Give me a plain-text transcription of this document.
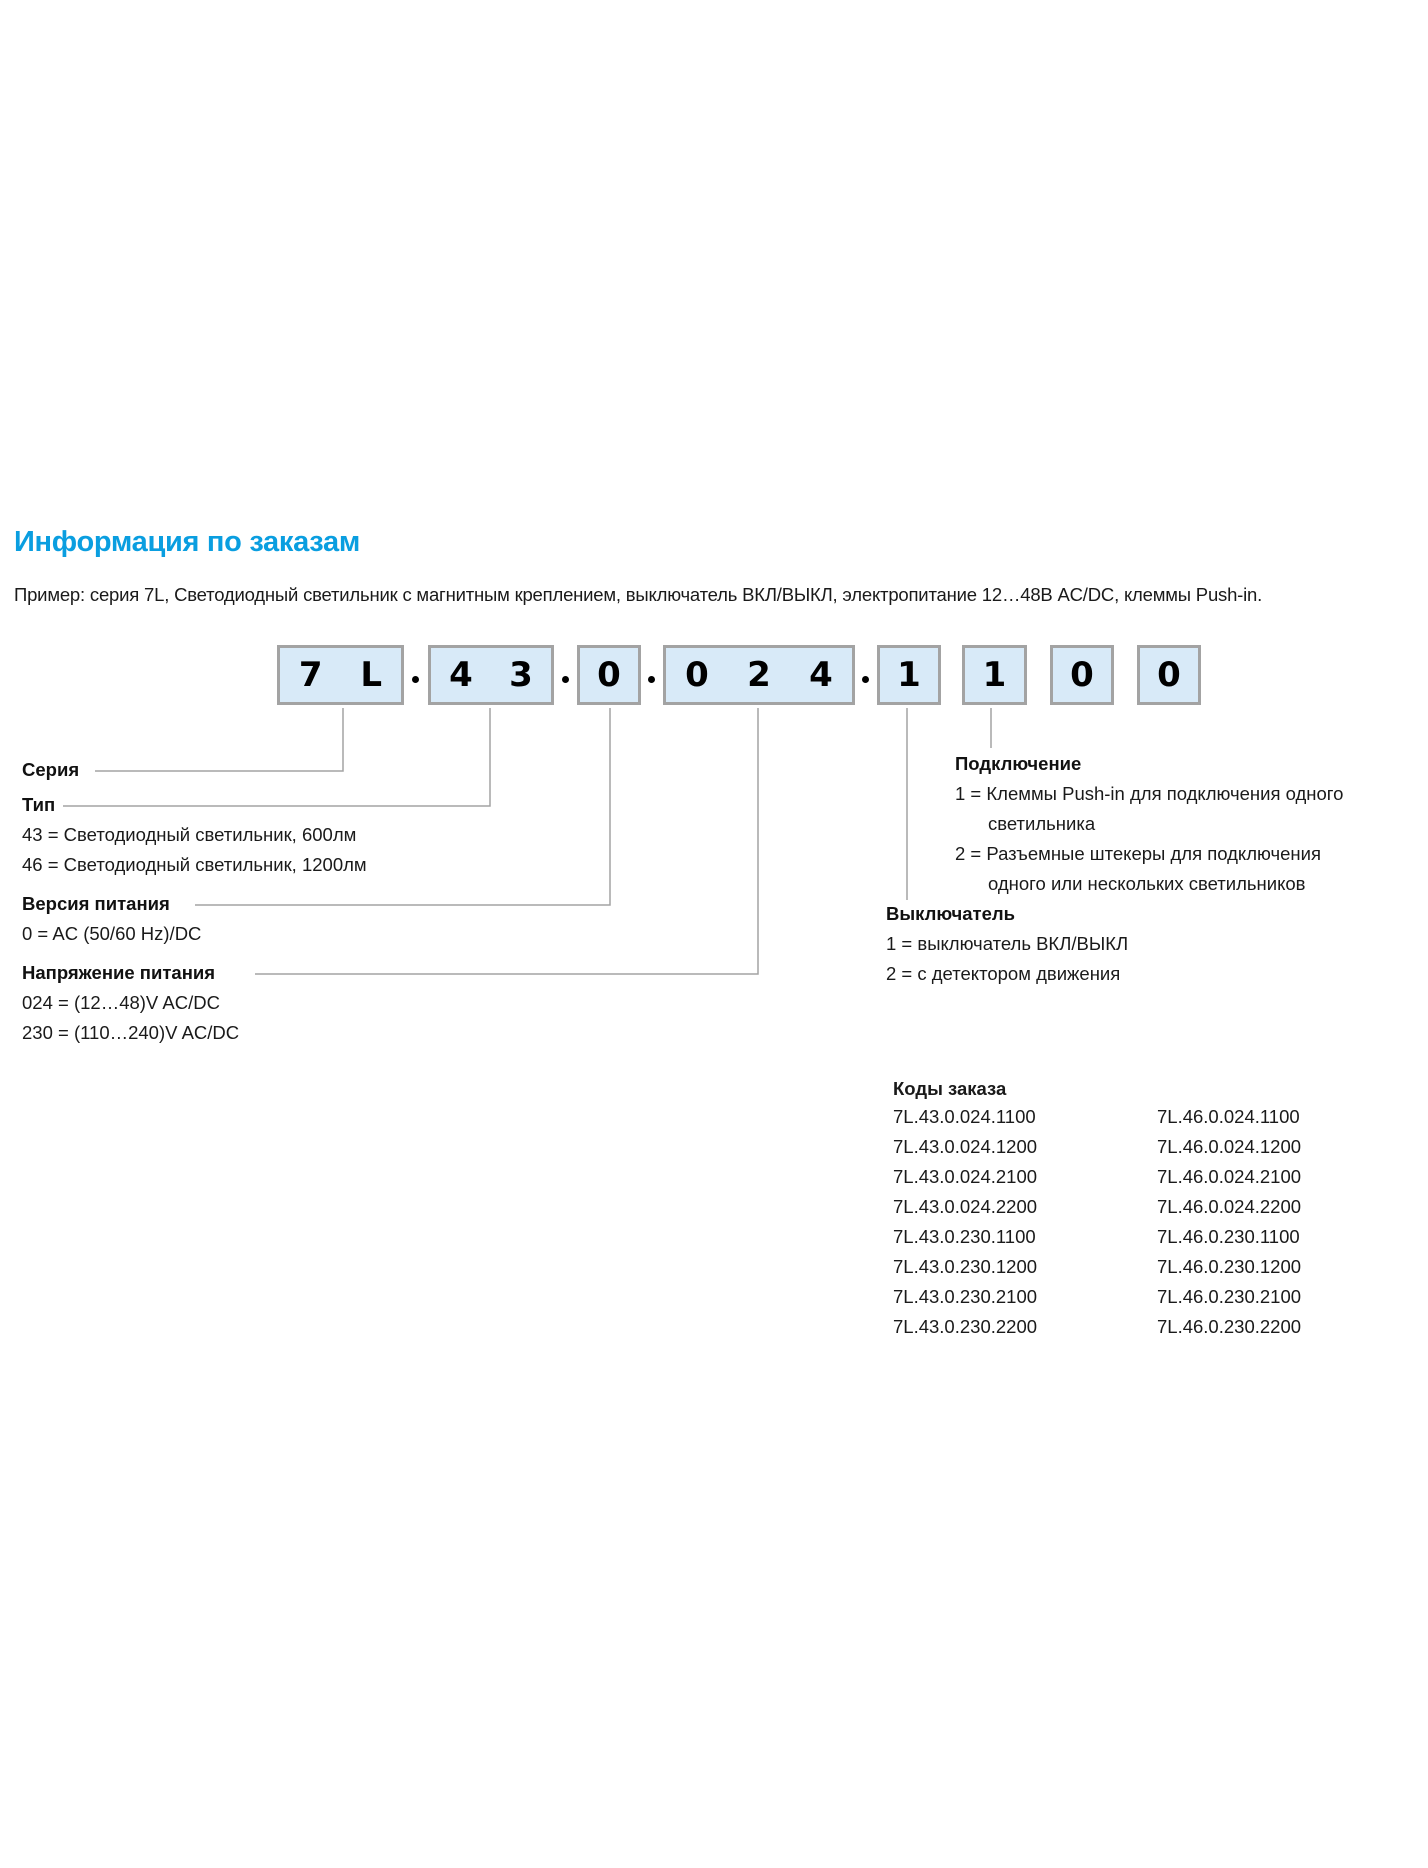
Информация по заказам
Пример: серия 7L, Светодиодный светильник с магнитным креплением, выключатель ВКЛ/ВЫКЛ, электропитание 12…48В AC/DC, клеммы Push-in.
7 L 4 3 0 0 2 4 1 1 0 0
Серия
Тип
43 = Светодиодный светильник, 600лм
46 = Светодиодный светильник, 1200лм
Версия питания
0 = AC (50/60 Hz)/DC
Напряжение питания
024 = (12…48)V AC/DC
230 = (110…240)V AC/DC
Подключение
1 = Клеммы Push-in для подключения одного
светильника
2 = Разъемные штекеры для подключения
одного или нескольких светильников
Выключатель
1 = выключатель ВКЛ/ВЫКЛ
2 = с детектором движения
Коды заказа
7L.43.0.024.1100
7L.43.0.024.1200
7L.43.0.024.2100
7L.43.0.024.2200
7L.43.0.230.1100
7L.43.0.230.1200
7L.43.0.230.2100
7L.43.0.230.2200
7L.46.0.024.1100
7L.46.0.024.1200
7L.46.0.024.2100
7L.46.0.024.2200
7L.46.0.230.1100
7L.46.0.230.1200
7L.46.0.230.2100
7L.46.0.230.2200
